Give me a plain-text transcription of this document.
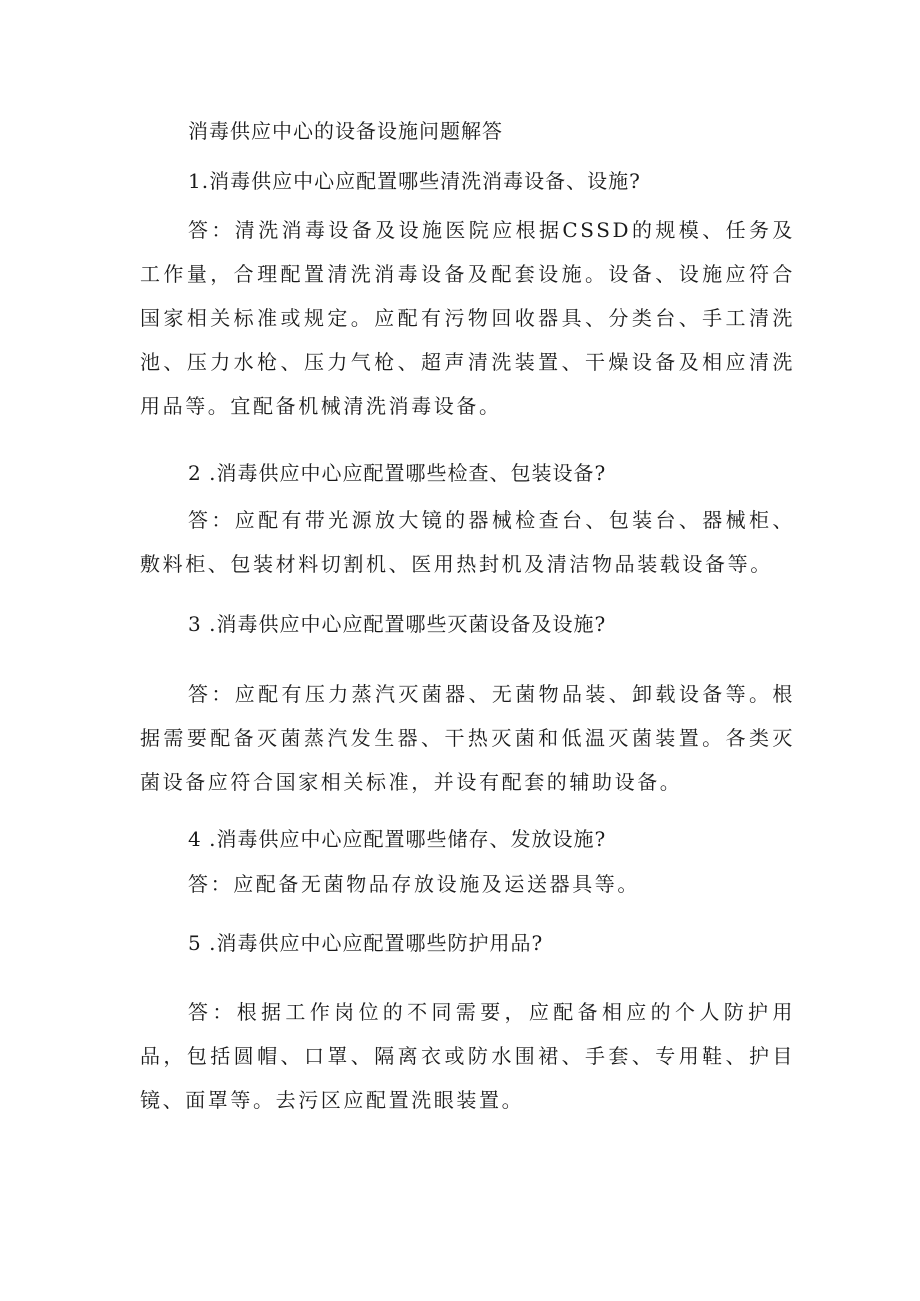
消毒供应中心的设备设施问题解答
1.消毒供应中心应配置哪些清洗消毒设备、设施?

答：清洗消毒设备及设施医院应根据CSSD的规模、任务及工作量，合理配置清洗消毒设备及配套设施。设备、设施应符合国家相关标准或规定。应配有污物回收器具、分类台、手工清洗池、压力水枪、压力气枪、超声清洗装置、干燥设备及相应清洗用品等。宜配备机械清洗消毒设备。

2 .消毒供应中心应配置哪些检查、包装设备?

答：应配有带光源放大镜的器械检查台、包装台、器械柜、敷料柜、包装材料切割机、医用热封机及清洁物品装载设备等。

3 .消毒供应中心应配置哪些灭菌设备及设施?

答：应配有压力蒸汽灭菌器、无菌物品装、卸载设备等。根据需要配备灭菌蒸汽发生器、干热灭菌和低温灭菌装置。各类灭菌设备应符合国家相关标准，并设有配套的辅助设备。

4 .消毒供应中心应配置哪些储存、发放设施?

答：应配备无菌物品存放设施及运送器具等。

5 .消毒供应中心应配置哪些防护用品?

答：根据工作岗位的不同需要，应配备相应的个人防护用品，包括圆帽、口罩、隔离衣或防水围裙、手套、专用鞋、护目镜、面罩等。去污区应配置洗眼装置。
